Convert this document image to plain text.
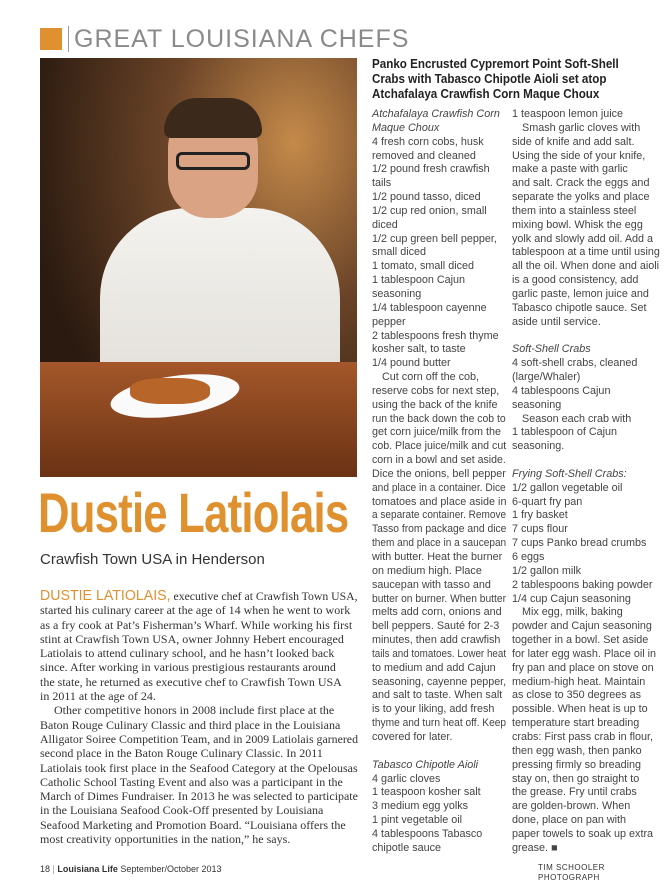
GREAT LOUISIANA CHEFS
Dustie Latiolais
Crawfish Town USA in Henderson
DUSTIE LATIOLAIS, executive chef at Crawfish Town USA,
started his culinary career at the age of 14 when he went to work
as a fry cook at Pat’s Fisherman’s Wharf. While working his first
stint at Crawfish Town USA, owner Johnny Hebert encouraged
Latiolais to attend culinary school, and he hasn’t looked back
since. After working in various prestigious restaurants around
the state, he returned as executive chef to Crawfish Town USA
in 2011 at the age of 24.
Other competitive honors in 2008 include first place at the
Baton Rouge Culinary Classic and third place in the Louisiana
Alligator Soiree Competition Team, and in 2009 Latiolais garnered
second place in the Baton Rouge Culinary Classic. In 2011
Latiolais took first place in the Seafood Category at the Opelousas
Catholic School Tasting Event and also was a participant in the
March of Dimes Fundraiser. In 2013 he was selected to participate
in the Louisiana Seafood Cook-Off presented by Louisiana
Seafood Marketing and Promotion Board. “Louisiana offers the
most creativity opportunities in the nation,” he says.
Panko Encrusted Cypremort Point Soft-Shell Crabs with Tabasco Chipotle Aioli set atop Atchafalaya Crawfish Corn Maque Choux
Atchafalaya Crawfish Corn
Maque Choux
4 fresh corn cobs, husk
removed and cleaned
1/2 pound fresh crawfish
tails
1/2 pound tasso, diced
1/2 cup red onion, small
diced
1/2 cup green bell pepper,
small diced
1 tomato, small diced
1 tablespoon Cajun
seasoning
1/4 tablespoon cayenne
pepper
2 tablespoons fresh thyme
kosher salt, to taste
1/4 pound butter
Cut corn off the cob,
reserve cobs for next step,
using the back of the knife
run the back down the cob to
get corn juice/milk from the
cob. Place juice/milk and cut
corn in a bowl and set aside.
Dice the onions, bell pepper
and place in a container. Dice
tomatoes and place aside in
a separate container. Remove
Tasso from package and dice
them and place in a saucepan
with butter. Heat the burner
on medium high. Place
saucepan with tasso and
butter on burner. When butter
melts add corn, onions and
bell peppers. Sauté for 2-3
minutes, then add crawfish
tails and tomatoes. Lower heat
to medium and add Cajun
seasoning, cayenne pepper,
and salt to taste. When salt
is to your liking, add fresh
thyme and turn heat off. Keep
covered for later.
Tabasco Chipotle Aioli
4 garlic cloves
1 teaspoon kosher salt
3 medium egg yolks
1 pint vegetable oil
4 tablespoons Tabasco
chipotle sauce
1 teaspoon lemon juice
Smash garlic cloves with
side of knife and add salt.
Using the side of your knife,
make a paste with garlic
and salt. Crack the eggs and
separate the yolks and place
them into a stainless steel
mixing bowl. Whisk the egg
yolk and slowly add oil. Add a
tablespoon at a time until using
all the oil. When done and aioli
is a good consistency, add
garlic paste, lemon juice and
Tabasco chipotle sauce. Set
aside until service.
Soft-Shell Crabs
4 soft-shell crabs, cleaned
(large/Whaler)
4 tablespoons Cajun
seasoning
Season each crab with
1 tablespoon of Cajun
seasoning.
Frying Soft-Shell Crabs:
1/2 gallon vegetable oil
6-quart fry pan
1 fry basket
7 cups flour
7 cups Panko bread crumbs
6 eggs
1/2 gallon milk
2 tablespoons baking powder
1/4 cup Cajun seasoning
Mix egg, milk, baking
powder and Cajun seasoning
together in a bowl. Set aside
for later egg wash. Place oil in
fry pan and place on stove on
medium-high heat. Maintain
as close to 350 degrees as
possible. When heat is up to
temperature start breading
crabs: First pass crab in flour,
then egg wash, then panko
pressing firmly so breading
stay on, then go straight to
the grease. Fry until crabs
are golden-brown. When
done, place on pan with
paper towels to soak up extra
grease. ■
18 | Louisiana Life September/October 2013	TIM SCHOOLER PHOTOGRAPH
